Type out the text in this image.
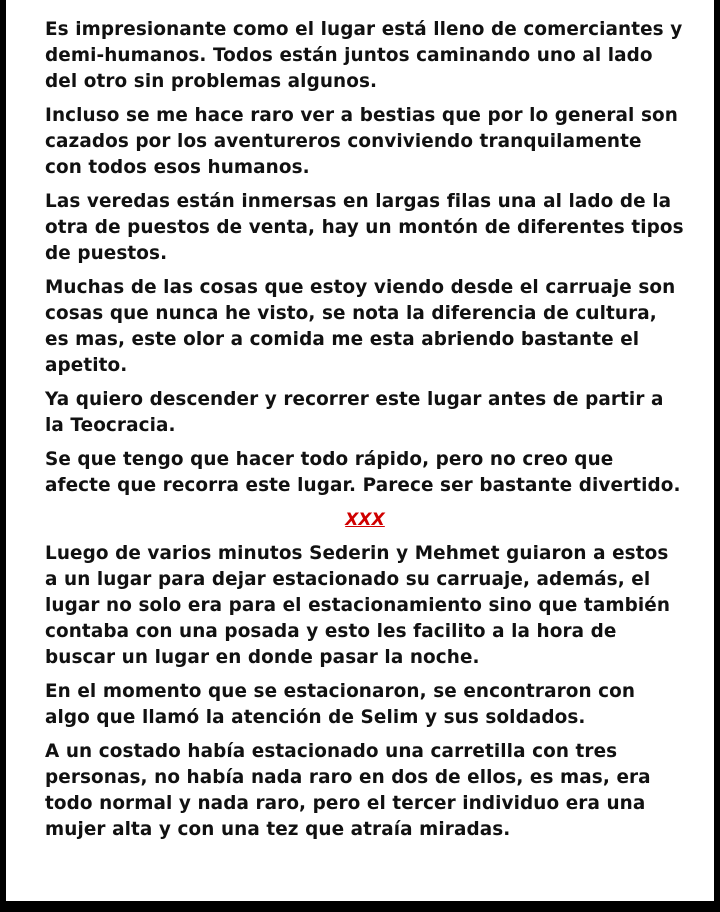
Es impresionante como el lugar está lleno de comerciantes y demi-humanos. Todos están juntos caminando uno al lado del otro sin problemas algunos.

Incluso se me hace raro ver a bestias que por lo general son cazados por los aventureros conviviendo tranquilamente con todos esos humanos.

Las veredas están inmersas en largas filas una al lado de la otra de puestos de venta, hay un montón de diferentes tipos de puestos.

Muchas de las cosas que estoy viendo desde el carruaje son cosas que nunca he visto, se nota la diferencia de cultura, es mas, este olor a comida me esta abriendo bastante el apetito.

Ya quiero descender y recorrer este lugar antes de partir a la Teocracia.

Se que tengo que hacer todo rápido, pero no creo que afecte que recorra este lugar. Parece ser bastante divertido.

XXX

Luego de varios minutos Sederin y Mehmet guiaron a estos a un lugar para dejar estacionado su carruaje, además, el lugar no solo era para el estacionamiento sino que también contaba con una posada y esto les facilito a la hora de buscar un lugar en donde pasar la noche.

En el momento que se estacionaron, se encontraron con algo que llamó la atención de Selim y sus soldados.

A un costado había estacionado una carretilla con tres personas, no había nada raro en dos de ellos, es mas, era todo normal y nada raro, pero el tercer individuo era una mujer alta y con una tez que atraía miradas.
